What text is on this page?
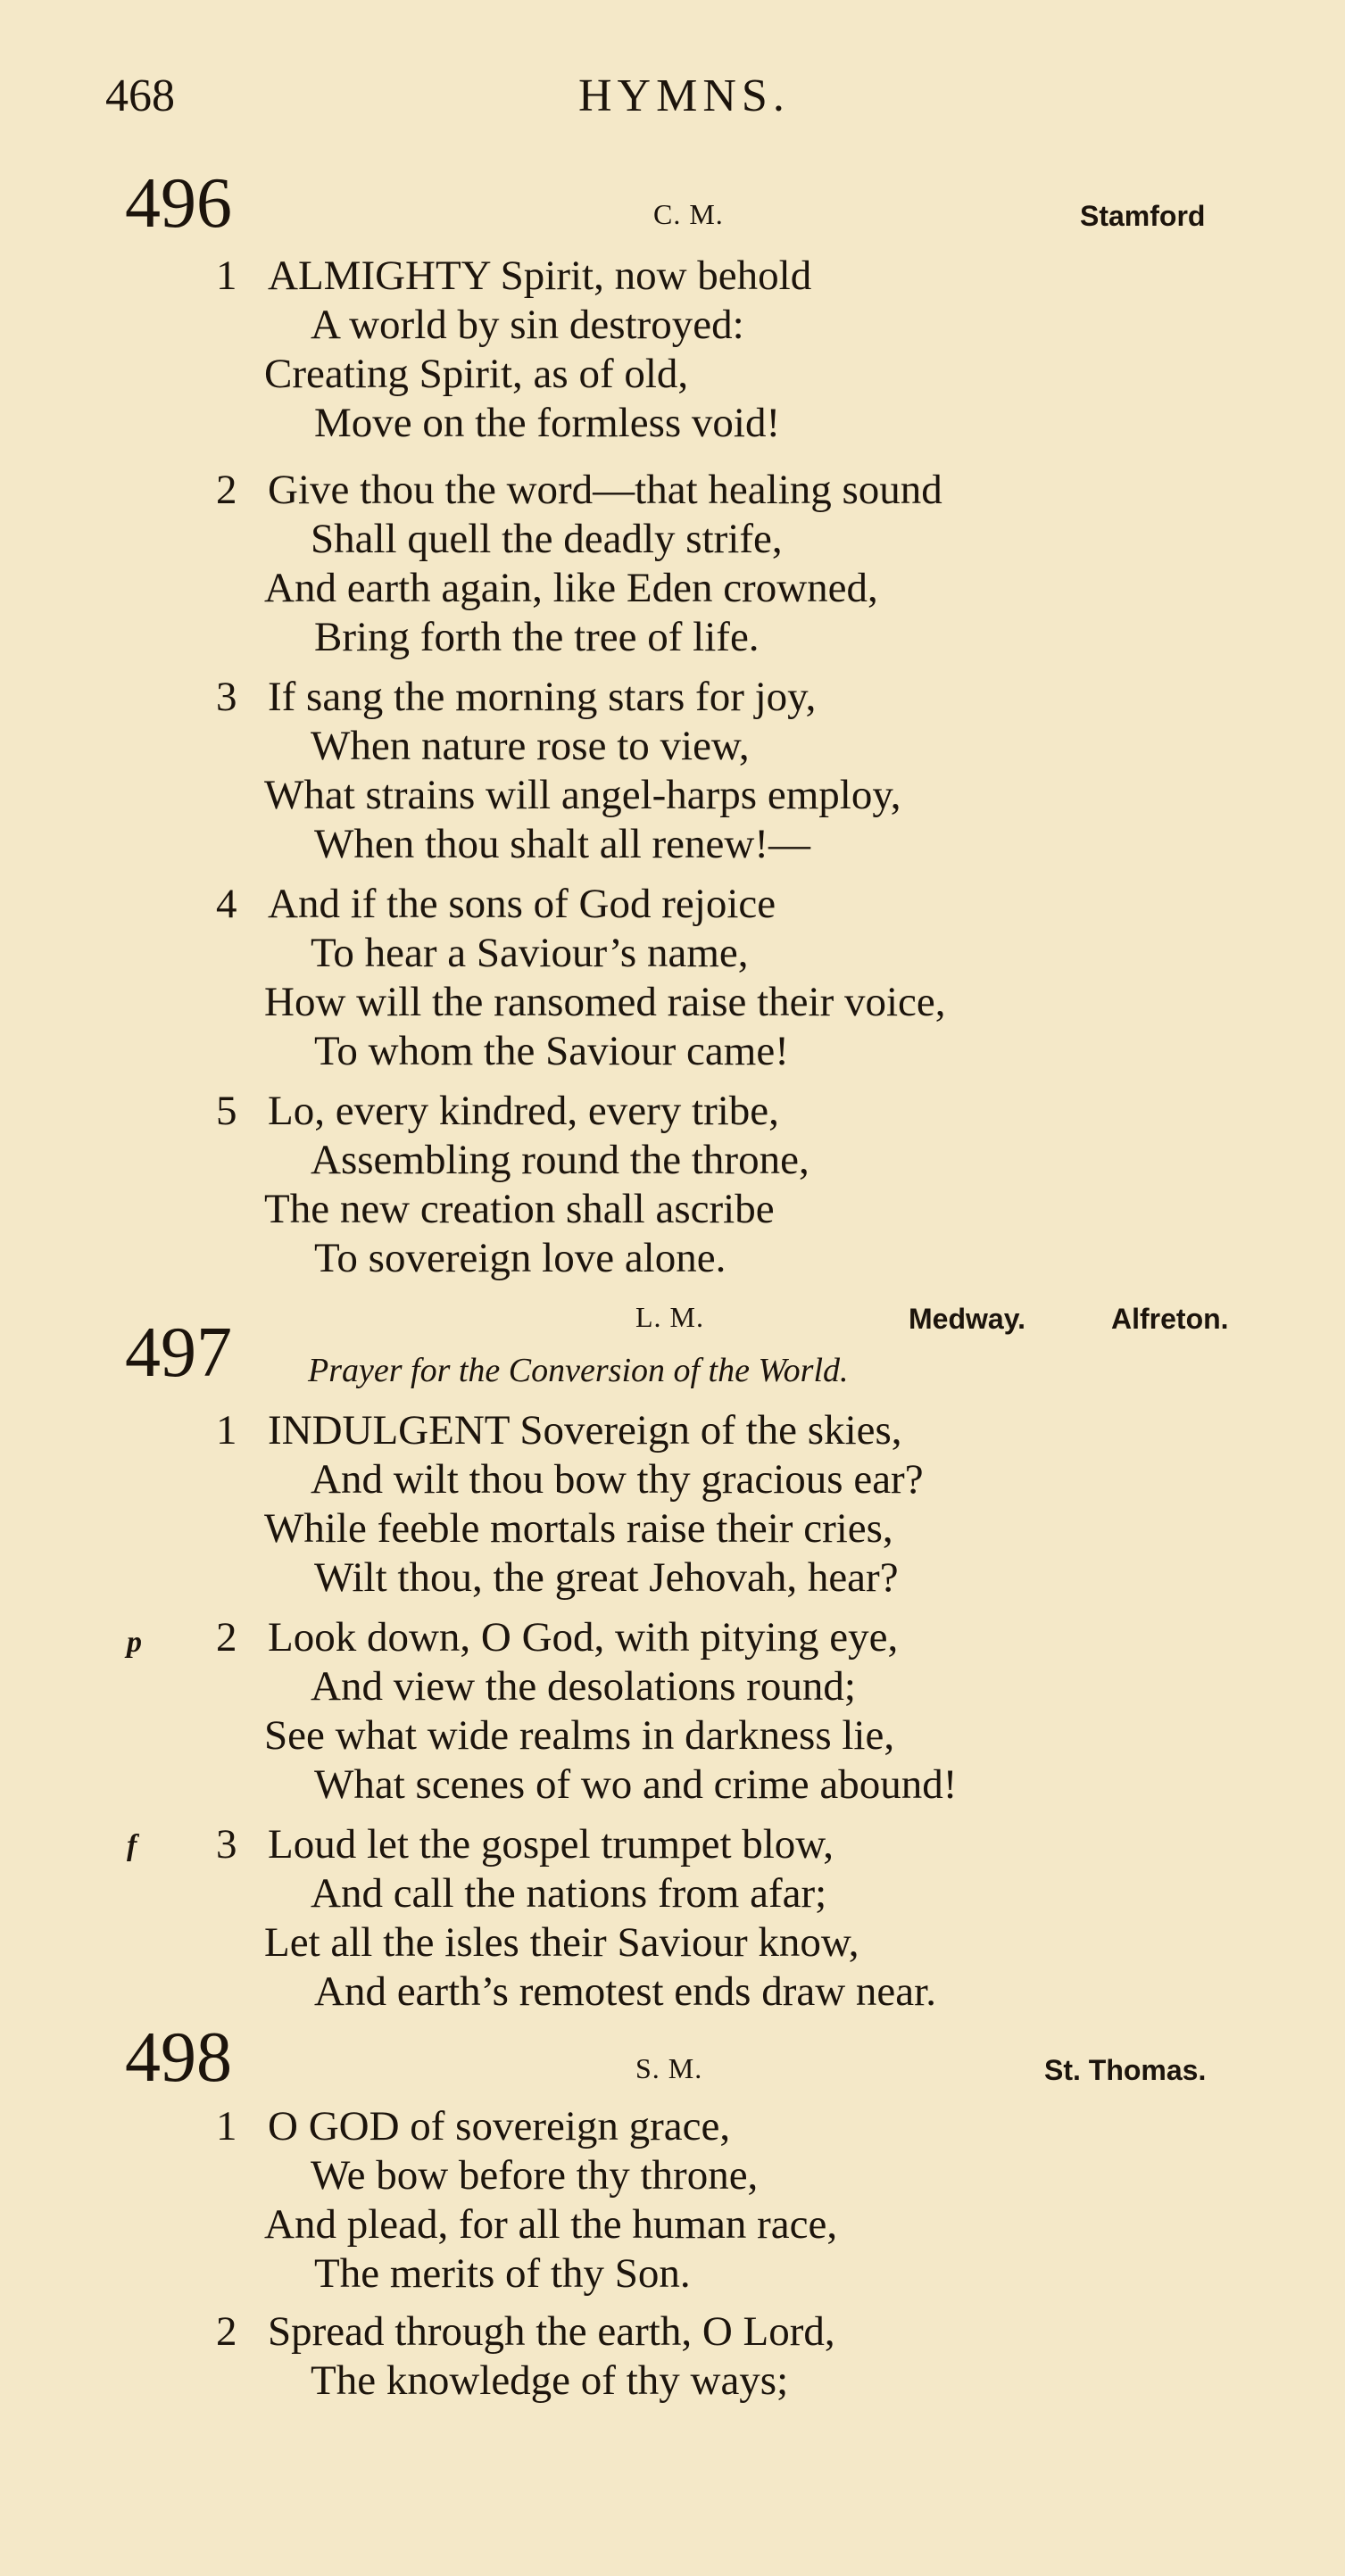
468	HYMNS.
496	C. M.	Stamford
1 ALMIGHTY Spirit, now behold
A world by sin destroyed:
Creating Spirit, as of old,
Move on the formless void!
2 Give thou the word—that healing sound
Shall quell the deadly strife,
And earth again, like Eden crowned,
Bring forth the tree of life.
3 If sang the morning stars for joy,
When nature rose to view,
What strains will angel-harps employ,
When thou shalt all renew!—
4 And if the sons of God rejoice
To hear a Saviour’s name,
How will the ransomed raise their voice,
To whom the Saviour came!
5 Lo, every kindred, every tribe,
Assembling round the throne,
The new creation shall ascribe
To sovereign love alone.
L. M.	Medway.	Alfreton.
497 Prayer for the Conversion of the World.
1 INDULGENT Sovereign of the skies,
And wilt thou bow thy gracious ear?
While feeble mortals raise their cries,
Wilt thou, the great Jehovah, hear?
p 2 Look down, O God, with pitying eye,
And view the desolations round;
See what wide realms in darkness lie,
What scenes of wo and crime abound!
f 3 Loud let the gospel trumpet blow,
And call the nations from afar;
Let all the isles their Saviour know,
And earth’s remotest ends draw near.
498	S. M.	St. Thomas.
1 O GOD of sovereign grace,
We bow before thy throne,
And plead, for all the human race,
The merits of thy Son.
2 Spread through the earth, O Lord,
The knowledge of thy ways;
